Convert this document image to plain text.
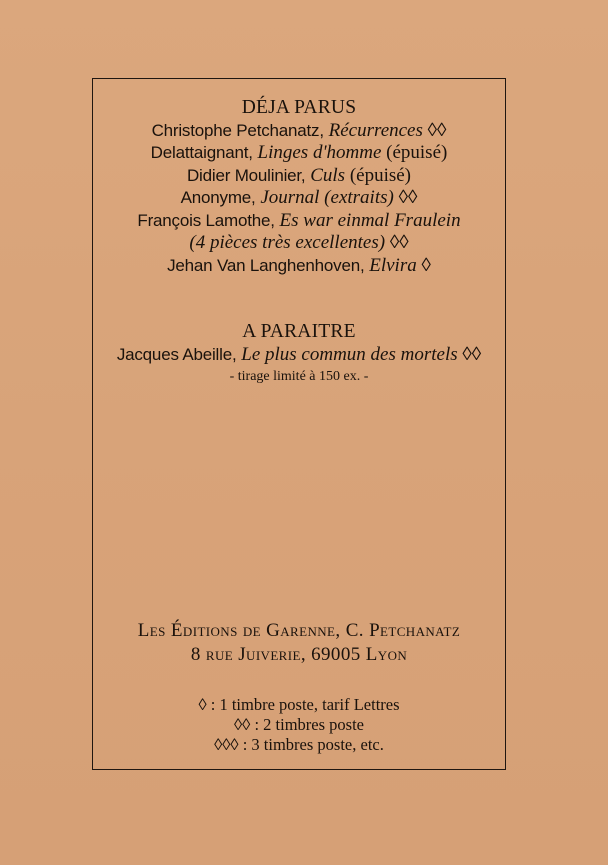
DÉJA PARUS
Christophe Petchanatz, Récurrences ◊◊
Delattaignant, Linges d'homme (épuisé)
Didier Moulinier, Culs (épuisé)
Anonyme, Journal (extraits) ◊◊
François Lamothe, Es war einmal Fraulein
(4 pièces très excellentes) ◊◊
Jehan Van Langhenhoven, Elvira ◊
A PARAITRE
Jacques Abeille, Le plus commun des mortels ◊◊
- tirage limité à 150 ex. -
Les Éditions de Garenne, C. Petchanatz
8 rue Juiverie, 69005 Lyon
◊ : 1 timbre poste, tarif Lettres
◊◊ : 2 timbres poste
◊◊◊ : 3 timbres poste, etc.
